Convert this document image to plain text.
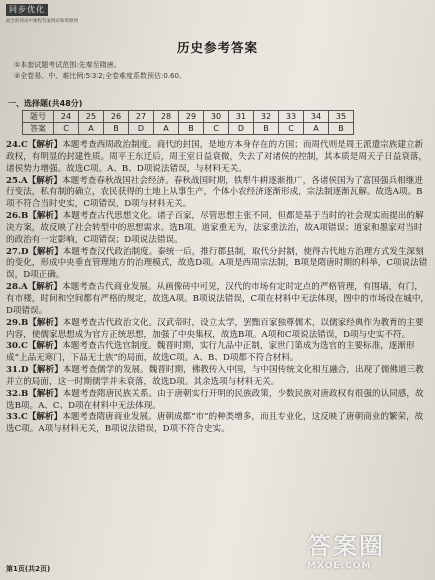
同步优化
最全的初高中课程答案网站和资源网
历史参考答案
①本套试题考试范围:先秦至隋唐。
②全卷易、中、难比例:5∶3∶2;全卷难度系数预估:0.60。
一、选择题(共48分)
题号	24	25	26	27	28	29	30	31	32	33	34	35
答案	C	A	B	D	A	B	C	D	B	C	A	B

24.C【解析】本题考查西周政治制度。商代的封国，是地方本身存在的方国；而周代则是周王派遣宗族建立新政权，有明显的封建性质。周平王东迁后，周王室日益衰微，失去了对诸侯的控制，其本质是周天子日益衰落，诸侯势力增强。故选C项。A、B、D项说法错误，与材料无关。

25.A【解析】本题考查春秋战国社会经济。春秋战国时期，铁犁牛耕逐渐推广，各诸侯国为了富国强兵相继进行变法，私有制的确立，农民获得的土地上从事生产，个体小农经济逐渐形成，宗法制逐渐瓦解。故选A项。B项不符合当时史实，C项错误，D项与材料无关。

26.B【解析】本题考查古代思想文化。诸子百家，尽管思想主张不同，但都是基于当时的社会现实而提出的解决方案，故反映了社会转型中的思想需求。选B项。道家重无为，法家重法治，故A项错误；道家和墨家对当时的政治有一定影响，C项错误；D项说法错误。

27.D【解析】本题考查汉代政治制度。秦统一后，推行郡县制，取代分封制，使得古代地方治理方式发生深刻的变化，形成中央垂直管理地方的治理模式，故选D项。A项是西周宗法制，B项是隋唐时期的科举，C项说法错误，D项正确。

28.A【解析】本题考查古代商业发展。从画像砖中可见，汉代的市场有定时定点的严格管理，有围墙，有门，有市楼，时间和空间都有严格的规定，故选A项。B项说法错误，C项在材料中无法体现，图中的市场设在城中，D项错误。

29.B【解析】本题考查古代政治文化。汉武帝时，设立太学，罢黜百家独尊儒术，以儒家经典作为教育的主要内容，使儒家思想成为官方正统思想，加强了中央集权，故选B项。A项和C项说法错误，D项与史实不符。

30.C【解析】本题考查古代选官制度。魏晋时期，实行九品中正制，家世门第成为选官的主要标准，逐渐形成“上品无寒门，下品无士族”的局面，故选C项。A、B、D项都不符合材料。

31.D【解析】本题考查儒学的发展。魏晋时期，佛教传入中国，与中国传统文化相互融合，出现了儒佛道三教并立的局面，这一时期儒学并未衰落，故选D项。其余选项与材料无关。

32.B【解析】本题考查隋唐民族关系。由于唐朝实行开明的民族政策，少数民族对唐政权有很强的认同感，故选B项。A、C、D项在材料中无法体现。

33.C【解析】本题考查隋唐商业发展。唐朝成都“市”的种类增多，而且专业化，这反映了唐朝商业的繁荣，故选C项。A项与材料无关，B项说法错误，D项不符合史实。

第1页(共2页)
答案圈
MXQE.COM
